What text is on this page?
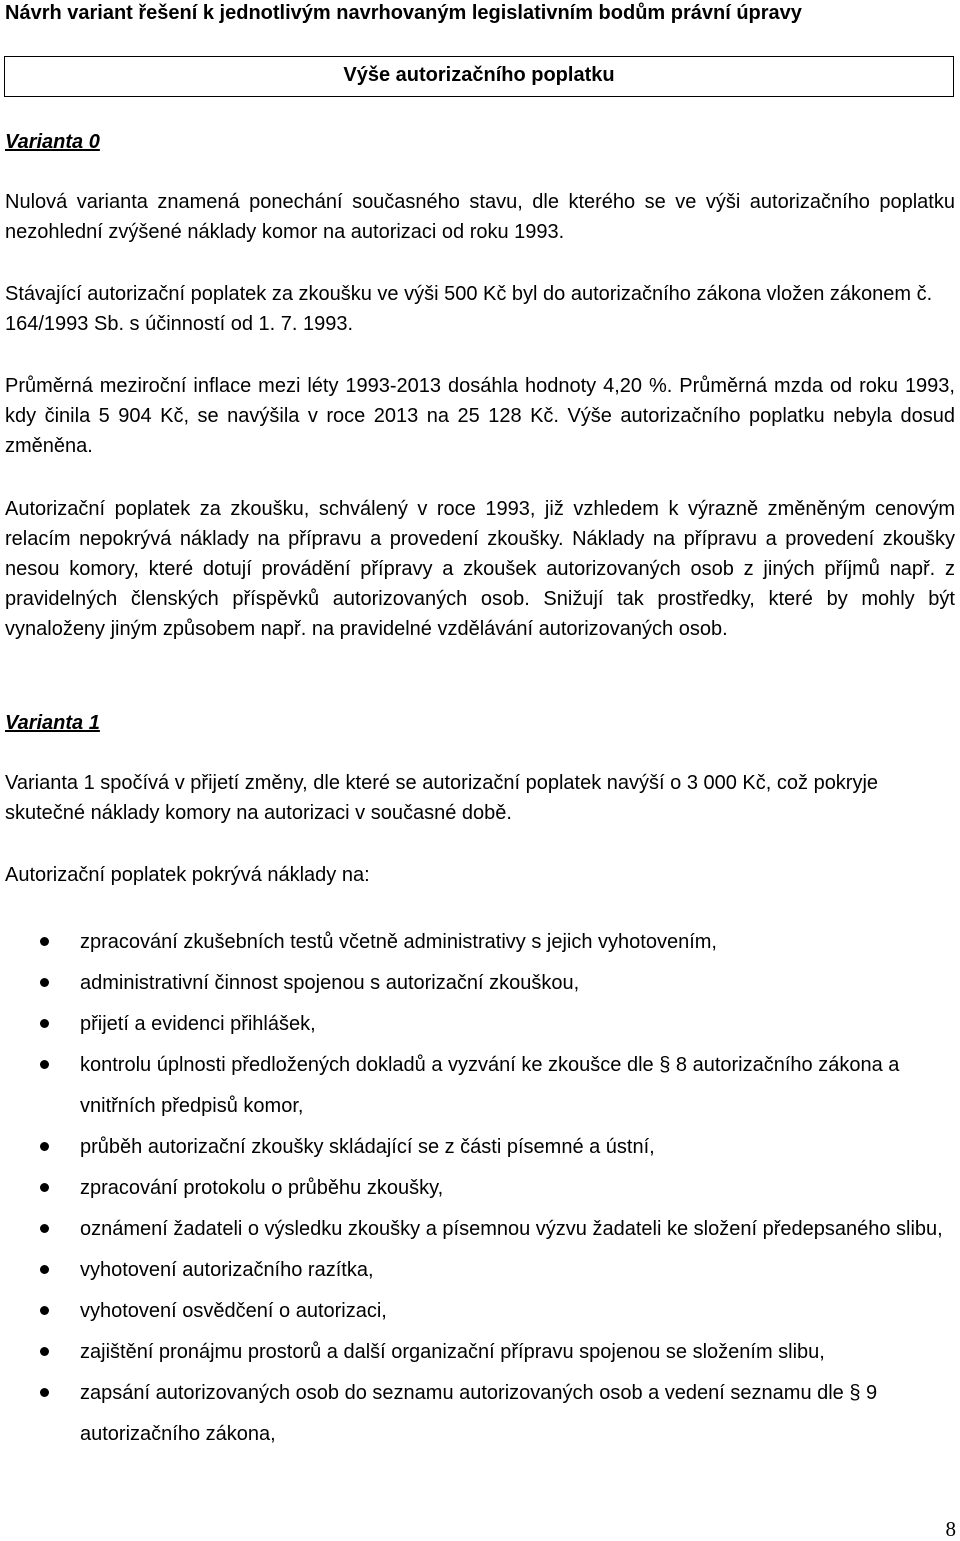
Návrh variant řešení k jednotlivým navrhovaným legislativním bodům právní úpravy
Výše autorizačního poplatku
Varianta 0

Nulová varianta znamená ponechání současného stavu, dle kterého se ve výši autorizačního poplatku nezohlední zvýšené náklady komor na autorizaci od roku 1993.

Stávající autorizační poplatek za zkoušku ve výši 500 Kč byl do autorizačního zákona vložen zákonem č. 164/1993 Sb. s účinností od 1. 7. 1993.

Průměrná meziroční inflace mezi léty 1993-2013 dosáhla hodnoty 4,20 %. Průměrná mzda od roku 1993, kdy činila 5 904 Kč, se navýšila v roce 2013 na 25 128 Kč. Výše autorizačního poplatku nebyla dosud změněna.

Autorizační poplatek za zkoušku, schválený v roce 1993, již vzhledem k výrazně změněným cenovým relacím nepokrývá náklady na přípravu a provedení zkoušky. Náklady na přípravu a provedení zkoušky nesou komory, které dotují provádění přípravy a zkoušek autorizovaných osob z jiných příjmů např. z pravidelných členských příspěvků autorizovaných osob. Snižují tak prostředky, které by mohly být vynaloženy jiným způsobem např. na pravidelné vzdělávání autorizovaných osob.

Varianta 1

Varianta 1 spočívá v přijetí změny, dle které se autorizační poplatek navýší o 3 000 Kč, což pokryje skutečné náklady komory na autorizaci v současné době.

Autorizační poplatek pokrývá náklady na:

zpracování zkušebních testů včetně administrativy s jejich vyhotovením,
administrativní činnost spojenou s autorizační zkouškou,
přijetí a evidenci přihlášek,
kontrolu úplnosti předložených dokladů a vyzvání ke zkoušce dle § 8 autorizačního zákona a vnitřních předpisů komor,
průběh autorizační zkoušky skládající se z části písemné a ústní,
zpracování protokolu o průběhu zkoušky,
oznámení žadateli o výsledku zkoušky a písemnou výzvu žadateli ke složení předepsaného slibu,
vyhotovení autorizačního razítka,
vyhotovení osvědčení o autorizaci,
zajištění pronájmu prostorů a další organizační přípravu spojenou se složením slibu,
zapsání autorizovaných osob do seznamu autorizovaných osob a vedení seznamu dle § 9 autorizačního zákona,
8
